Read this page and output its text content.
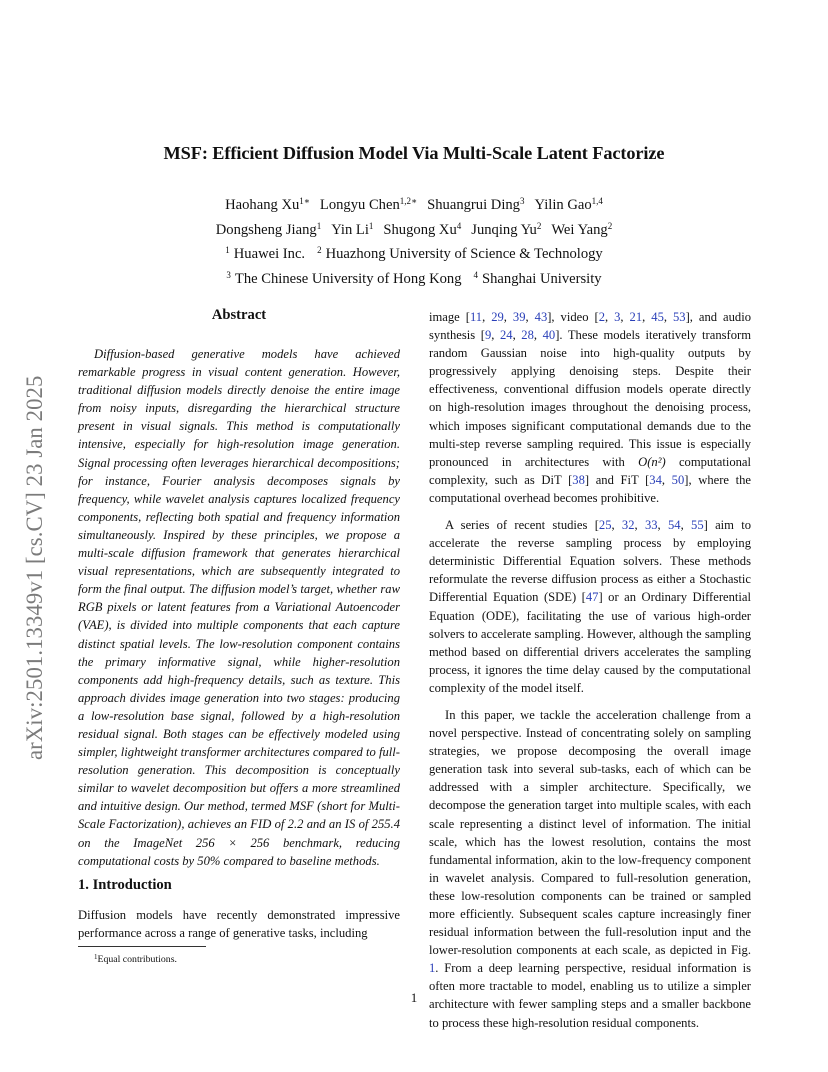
MSF: Efficient Diffusion Model Via Multi-Scale Latent Factorize
Haohang $Xu^{1∗}$ Longyu Chen$^{1,2∗}$ Shuangrui Ding$^3$ Yilin Gao$^{1,4}$
Dongsheng Jiang$^1$ Yin Li$^1$ Shugong Xu$^4$ Junqing Yu$^2$ Wei Yang$^2$
$^1$ Huawei Inc. $^2$ Huazhong University of Science & Technology
$^3$ The Chinese University of Hong Kong $^4$ Shanghai University
arXiv:2501.13349v1 [cs.CV] 23 Jan 2025
Abstract

Diffusion-based generative models have achieved remarkable progress in visual content generation. However, traditional diffusion models directly denoise the entire image from noisy inputs, disregarding the hierarchical structure present in visual signals. This method is computationally intensive, especially for high-resolution image generation. Signal processing often leverages hierarchical decompositions; for instance, Fourier analysis decomposes signals by frequency, while wavelet analysis captures localized frequency components, reflecting both spatial and frequency information simultaneously. Inspired by these principles, we propose a multi-scale diffusion framework that generates hierarchical visual representations, which are subsequently integrated to form the final output. The diffusion model’s target, whether raw RGB pixels or latent features from a Variational Autoencoder (VAE), is divided into multiple components that each capture distinct spatial levels. The low-resolution component contains the primary informative signal, while higher-resolution components add high-frequency details, such as texture. This approach divides image generation into two stages: producing a low-resolution base signal, followed by a high-resolution residual signal. Both stages can be effectively modeled using simpler, lightweight transformer architectures compared to full-resolution generation. This decomposition is conceptually similar to wavelet decomposition but offers a more streamlined and intuitive design. Our method, termed MSF (short for Multi-Scale Factorization), achieves an FID of 2.2 and an IS of 255.4 on the ImageNet 256 × 256 benchmark, reducing computational costs by 50% compared to baseline methods.

1. Introduction

Diffusion models have recently demonstrated impressive performance across a range of generative tasks, including

$^1$Equal contributions.

image [11, 29, 39, 43], video [2, 3, 21, 45, 53], and audio synthesis [9, 24, 28, 40]. These models iteratively transform random Gaussian noise into high-quality outputs by progressively applying denoising steps. Despite their effectiveness, conventional diffusion models operate directly on high-resolution images throughout the denoising process, which imposes significant computational demands due to the multi-step reverse sampling required. This issue is especially pronounced in architectures with O(n²) computational complexity, such as DiT [38] and FiT [34, 50], where the computational overhead becomes prohibitive.

A series of recent studies [25, 32, 33, 54, 55] aim to accelerate the reverse sampling process by employing deterministic Differential Equation solvers. These methods reformulate the reverse diffusion process as either a Stochastic Differential Equation (SDE) [47] or an Ordinary Differential Equation (ODE), facilitating the use of various high-order solvers to accelerate sampling. However, although the sampling method based on differential drivers accelerates the sampling process, it ignores the time delay caused by the computational complexity of the model itself.

In this paper, we tackle the acceleration challenge from a novel perspective. Instead of concentrating solely on sampling strategies, we propose decomposing the overall image generation task into several sub-tasks, each of which can be addressed with a simpler architecture. Specifically, we decompose the generation target into multiple scales, with each scale representing a distinct level of information. The initial scale, which has the lowest resolution, contains the most fundamental information, akin to the low-frequency component in wavelet analysis. Compared to full-resolution generation, these low-resolution components can be trained or sampled more efficiently. Subsequent scales capture increasingly finer residual information between the full-resolution input and the lower-resolution components at each scale, as depicted in Fig. 1. From a deep learning perspective, residual information is often more tractable to model, enabling us to utilize a simpler architecture with fewer sampling steps and a smaller backbone to process these high-resolution residual components.

1
